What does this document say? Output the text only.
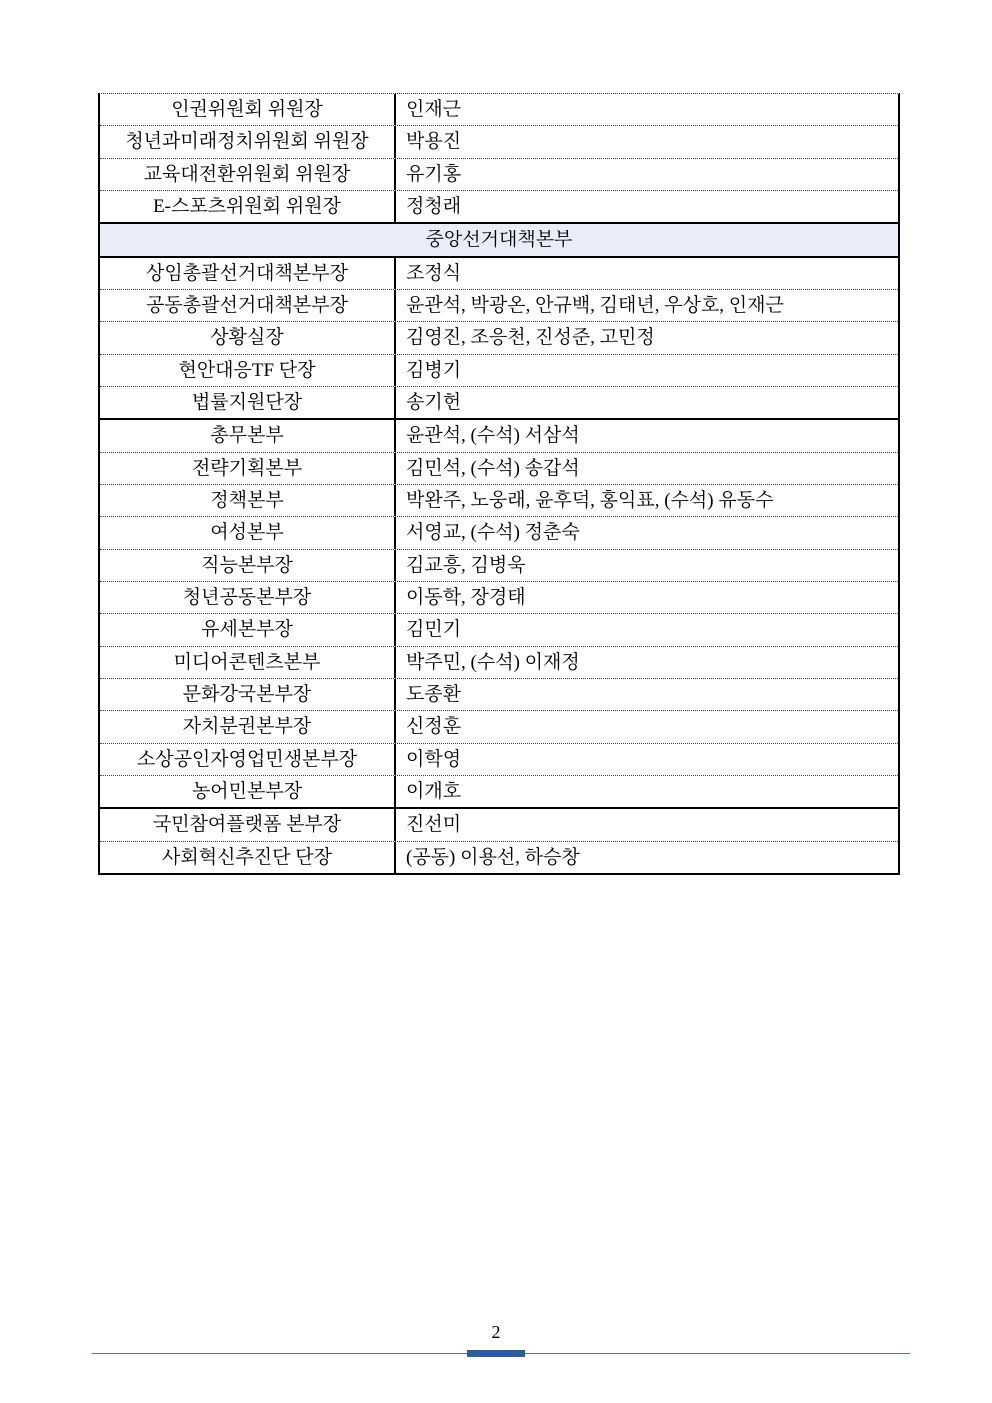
인권위원회 위원장	인재근
청년과미래정치위원회 위원장	박용진
교육대전환위원회 위원장	유기홍
E-스포츠위원회 위원장	정청래
중앙선거대책본부
상임총괄선거대책본부장	조정식
공동총괄선거대책본부장	윤관석, 박광온, 안규백, 김태년, 우상호, 인재근
상황실장	김영진, 조응천, 진성준, 고민정
현안대응TF 단장	김병기
법률지원단장	송기헌
총무본부	윤관석, (수석) 서삼석
전략기획본부	김민석, (수석) 송갑석
정책본부	박완주, 노웅래, 윤후덕, 홍익표, (수석) 유동수
여성본부	서영교, (수석) 정춘숙
직능본부장	김교흥, 김병욱
청년공동본부장	이동학, 장경태
유세본부장	김민기
미디어콘텐츠본부	박주민, (수석) 이재정
문화강국본부장	도종환
자치분권본부장	신정훈
소상공인자영업민생본부장	이학영
농어민본부장	이개호
국민참여플랫폼 본부장	진선미
사회혁신추진단 단장	(공동) 이용선, 하승창
2
